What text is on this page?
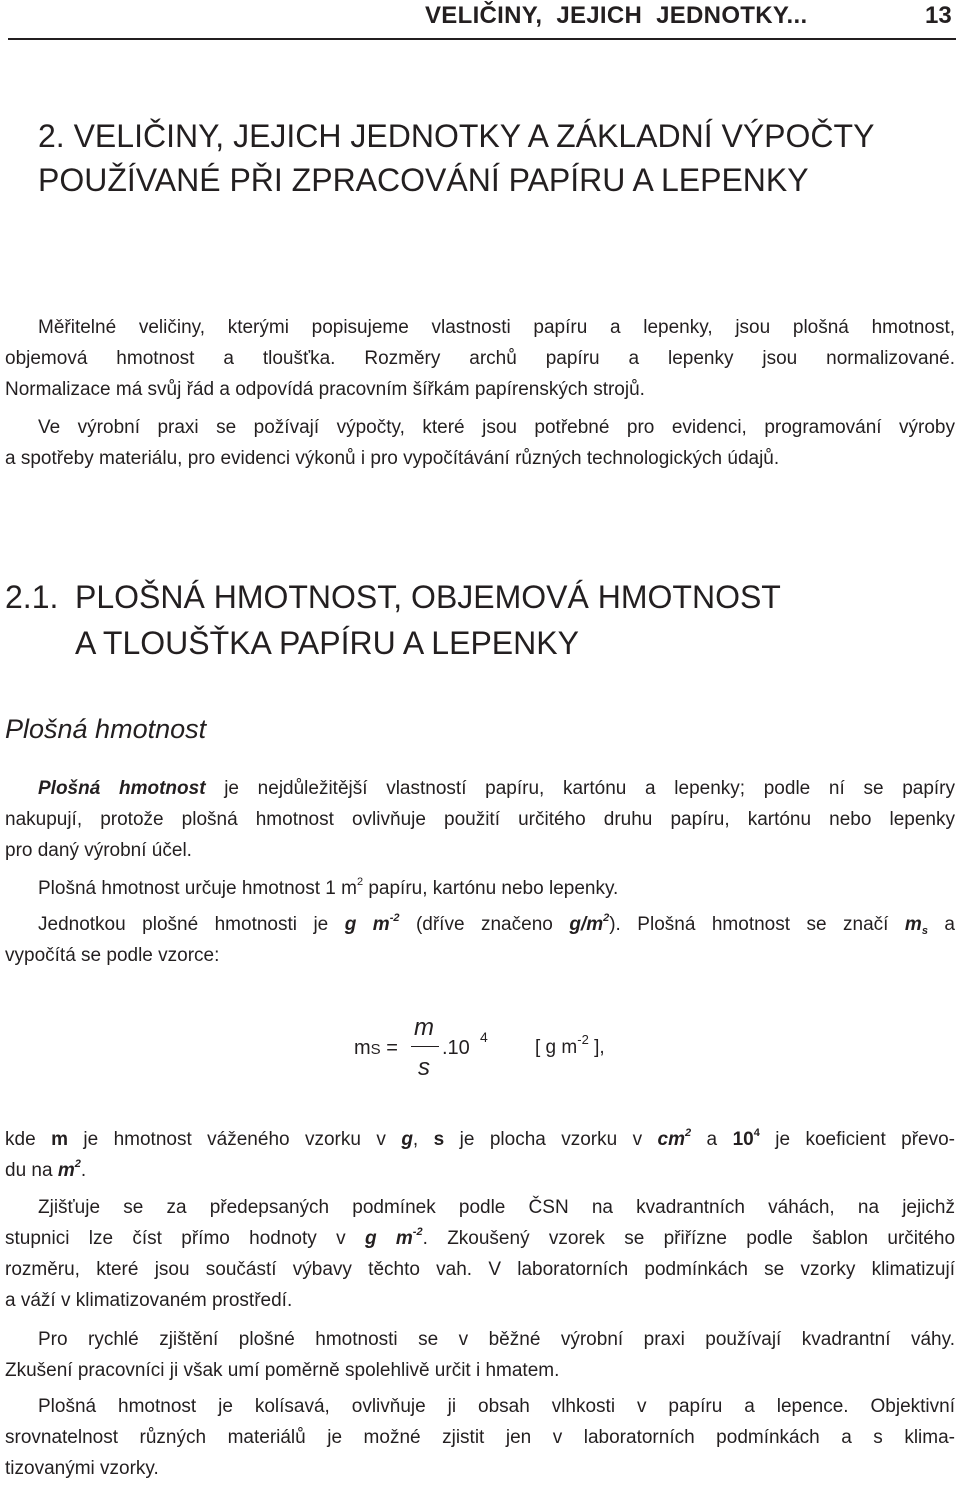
VELIČINY,  JEJICH  JEDNOTKY...	13
2. VELIČINY, JEJICH JEDNOTKY A ZÁKLADNÍ VÝPOČTY
POUŽÍVANÉ PŘI ZPRACOVÁNÍ PAPÍRU A LEPENKY

Měřitelné veličiny, kterými popisujeme vlastnosti papíru a lepenky, jsou plošná hmotnost,
objemová hmotnost a tloušťka. Rozměry archů papíru a lepenky jsou normalizované.
Normalizace má svůj řád a odpovídá pracovním šířkám papírenských strojů.

Ve výrobní praxi se požívají výpočty, které jsou potřebné pro evidenci, programování výroby
a spotřeby materiálu, pro evidenci výkonů i pro vypočítávání různých technologických údajů.

2.1. PLOŠNÁ HMOTNOST, OBJEMOVÁ HMOTNOST
A TLOUŠŤKA PAPÍRU A LEPENKY
Plošná hmotnost

Plošná hmotnost je nejdůležitější vlastností papíru, kartónu a lepenky; podle ní se papíry
nakupují, protože plošná hmotnost ovlivňuje použití určitého druhu papíru, kartónu nebo lepenky
pro daný výrobní účel.

Plošná hmotnost určuje hmotnost 1 $m^2$ papíru, kartónu nebo lepenky.

Jednotkou plošné hmotnosti je g $m^{-2}$ (dříve značeno $g/m^2$). Plošná hmotnost se značí $m_s$ a
vypočítá se podle vzorce:

mS =
m
s
.10 4 [ g $m^{-2}$ ],

kde m je hmotnost váženého vzorku v g, s je plocha vzorku v $cm^2$ a $10^4$ je koeficient převo-
du na $m^2$.

Zjišťuje se za předepsaných podmínek podle ČSN na kvadrantních váhách, na jejichž
stupnici lze číst přímo hodnoty v g $m^{-2}$. Zkoušený vzorek se přiřízne podle šablon určitého
rozměru, které jsou součástí výbavy těchto vah. V laboratorních podmínkách se vzorky klimatizují
a váží v klimatizovaném prostředí.

Pro rychlé zjištění plošné hmotnosti se v běžné výrobní praxi používají kvadrantní váhy.
Zkušení pracovníci ji však umí poměrně spolehlivě určit i hmatem.

Plošná hmotnost je kolísavá, ovlivňuje ji obsah vlhkosti v papíru a lepence. Objektivní
srovnatelnost různých materiálů je možné zjistit jen v laboratorních podmínkách a s klima-
tizovanými vzorky.
